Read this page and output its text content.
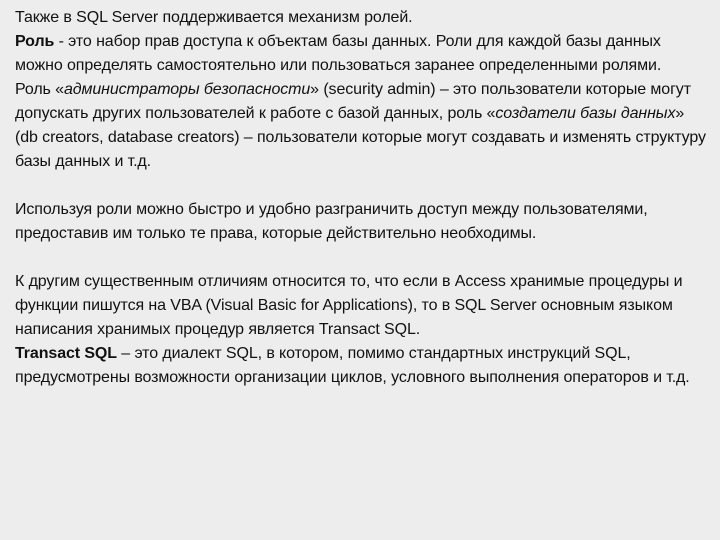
Также в SQL Server поддерживается механизм ролей.
Роль - это набор прав доступа к объектам базы данных. Роли для каждой базы данных можно определять самостоятельно или пользоваться заранее определенными ролями.
Роль «администраторы безопасности» (security admin) – это пользователи которые могут допускать других пользователей к работе с базой данных, роль «создатели базы данных» (db creators, database creators) – пользователи которые могут создавать и изменять структуру базы данных и т.д.
Используя роли можно быстро и удобно разграничить доступ между пользователями, предоставив им только те права, которые действительно необходимы.
К другим существенным отличиям относится то, что если в Access хранимые процедуры и функции пишутся на VBA (Visual Basic for Applications), то в SQL Server основным языком написания хранимых процедур является Transact SQL.
Transact SQL – это диалект SQL, в котором, помимо стандартных инструкций SQL, предусмотрены возможности организации циклов, условного выполнения операторов и т.д.
